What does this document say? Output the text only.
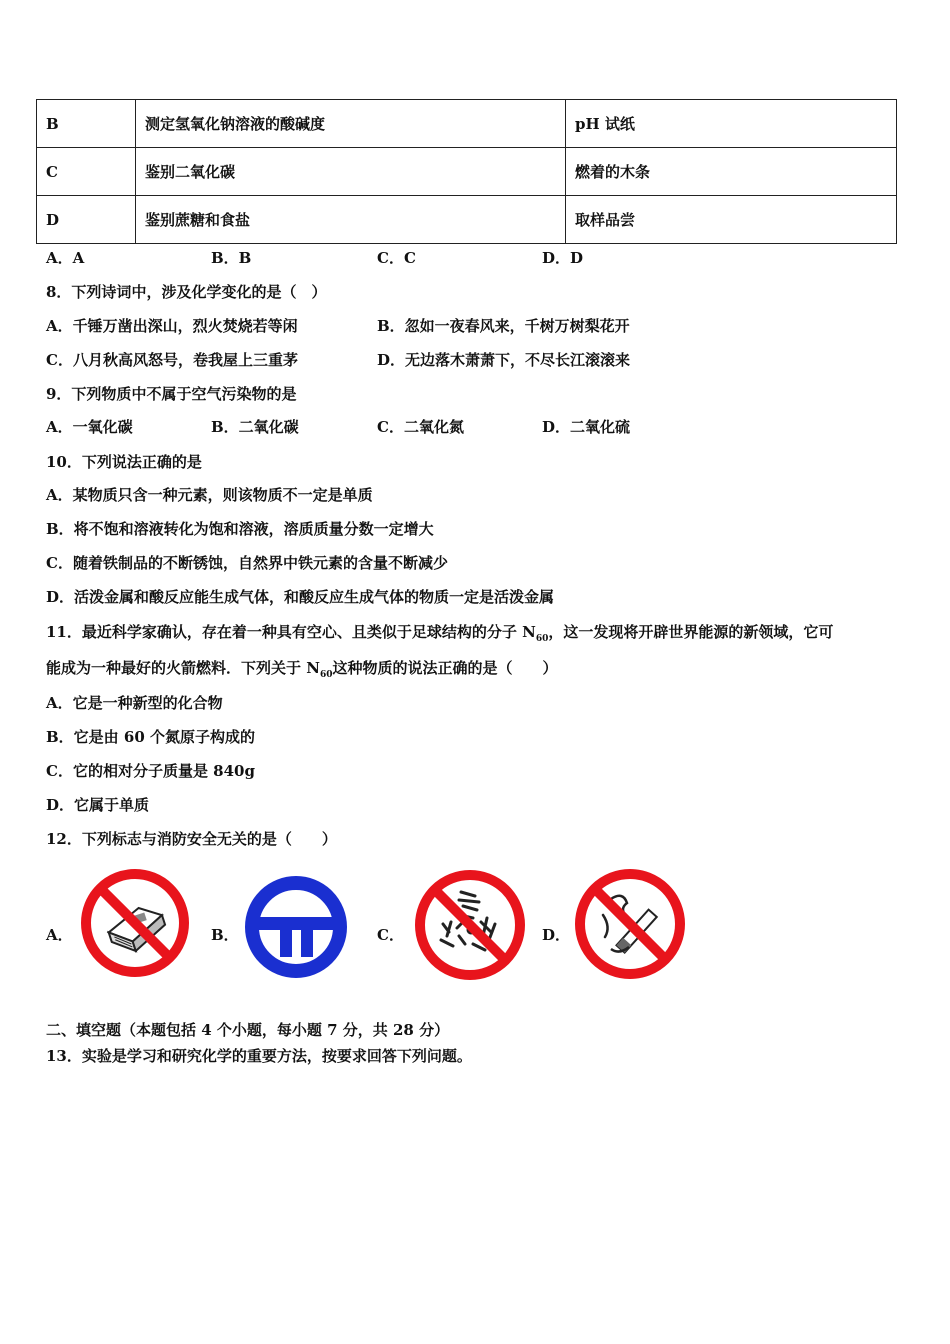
B	测定氢氧化钠溶液的酸碱度	pH 试纸
C	鉴别二氧化碳	燃着的木条
D	鉴别蔗糖和食盐	取样品尝
A．A	B．B	C．C	D．D
8．下列诗词中，涉及化学变化的是（　）
A．千锤万凿出深山，烈火焚烧若等闲	B．忽如一夜春风来，千树万树梨花开
C．八月秋高风怒号，卷我屋上三重茅	D．无边落木萧萧下，不尽长江滚滚来
9．下列物质中不属于空气污染物的是
A．一氧化碳	B．二氧化碳	C．二氧化氮	D．二氧化硫
10．下列说法正确的是
A．某物质只含一种元素，则该物质不一定是单质
B．将不饱和溶液转化为饱和溶液，溶质质量分数一定增大
C．随着铁制品的不断锈蚀，自然界中铁元素的含量不断减少
D．活泼金属和酸反应能生成气体，和酸反应生成气体的物质一定是活泼金属
11．最近科学家确认，存在着一种具有空心、且类似于足球结构的分子 $N_{60}$，这一发现将开辟世界能源的新领域，它可
能成为一种最好的火箭燃料．下列关于 $N_{60}$这种物质的说法正确的是（　　）
A．它是一种新型的化合物
B．它是由 60 个氮原子构成的
C．它的相对分子质量是 840g
D．它属于单质
12．下列标志与消防安全无关的是（　　）
A．	B．	C．	D．
二、填空题（本题包括 4 个小题，每小题 7 分，共 28 分）
13．实验是学习和研究化学的重要方法，按要求回答下列问题。
